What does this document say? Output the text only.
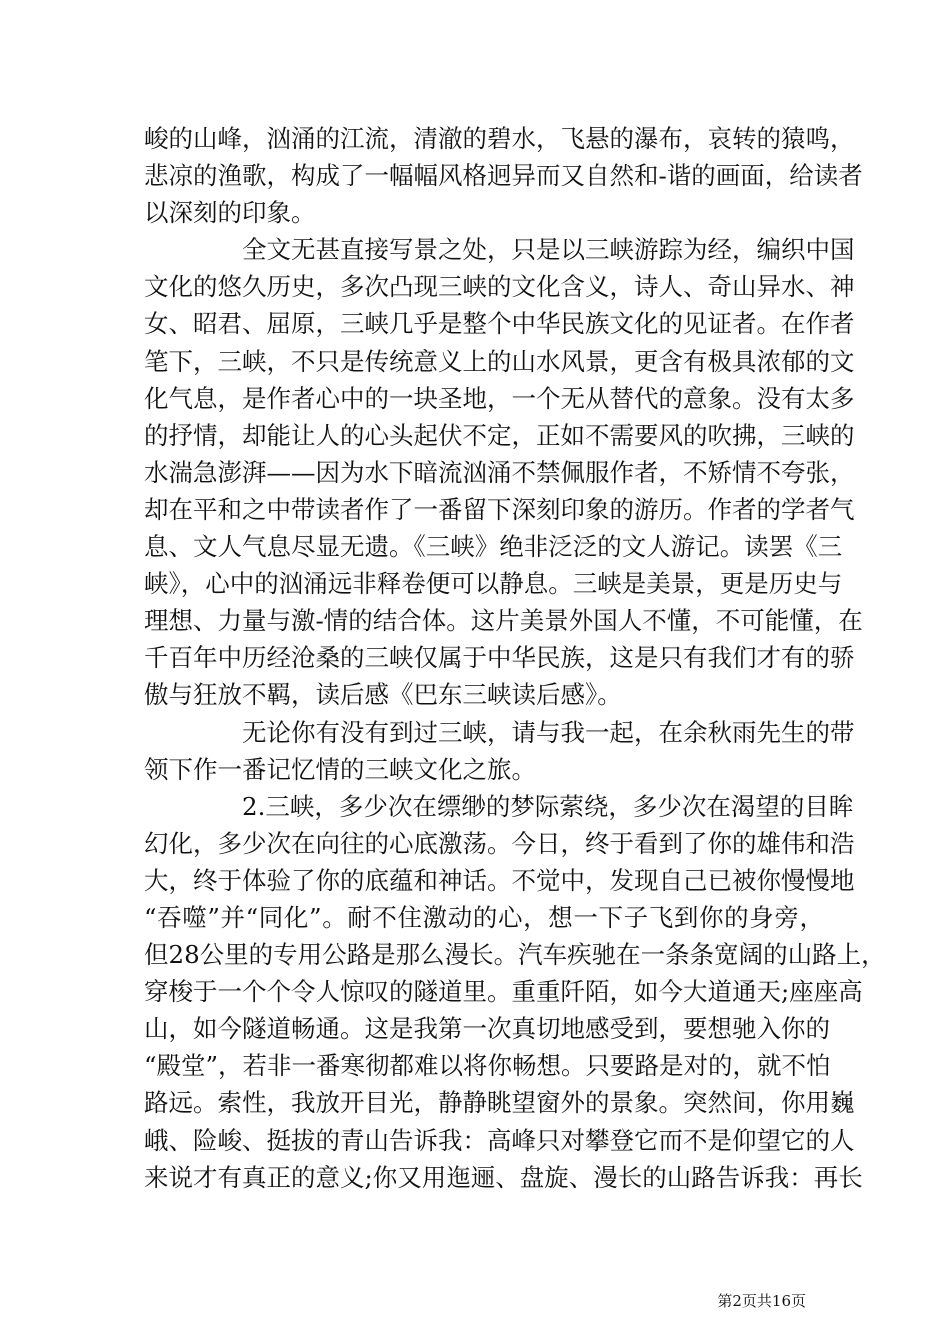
峻的山峰，汹涌的江流，清澈的碧水，飞悬的瀑布，哀转的猿鸣，
悲凉的渔歌，构成了一幅幅风格迥异而又自然和-谐的画面，给读者
以深刻的印象。
全文无甚直接写景之处，只是以三峡游踪为经，编织中国
文化的悠久历史，多次凸现三峡的文化含义，诗人、奇山异水、神
女、昭君、屈原，三峡几乎是整个中华民族文化的见证者。在作者
笔下，三峡，不只是传统意义上的山水风景，更含有极具浓郁的文
化气息，是作者心中的一块圣地，一个无从替代的意象。没有太多
的抒情，却能让人的心头起伏不定，正如不需要风的吹拂，三峡的
水湍急澎湃——因为水下暗流汹涌不禁佩服作者，不矫情不夸张，
却在平和之中带读者作了一番留下深刻印象的游历。作者的学者气
息、文人气息尽显无遗。《三峡》绝非泛泛的文人游记。读罢《三
峡》，心中的汹涌远非释卷便可以静息。三峡是美景，更是历史与
理想、力量与激-情的结合体。这片美景外国人不懂，不可能懂，在
千百年中历经沧桑的三峡仅属于中华民族，这是只有我们才有的骄
傲与狂放不羁，读后感《巴东三峡读后感》。
无论你有没有到过三峡，请与我一起，在余秋雨先生的带
领下作一番记忆情的三峡文化之旅。
2.三峡，多少次在缥缈的梦际萦绕，多少次在渴望的目眸
幻化，多少次在向往的心底激荡。今日，终于看到了你的雄伟和浩
大，终于体验了你的底蕴和神话。不觉中，发现自己已被你慢慢地
“吞噬”并“同化”。耐不住激动的心，想一下子飞到你的身旁，
但28公里的专用公路是那么漫长。汽车疾驰在一条条宽阔的山路上，
穿梭于一个个令人惊叹的隧道里。重重阡陌，如今大道通天;座座高
山，如今隧道畅通。这是我第一次真切地感受到，要想驰入你的
“殿堂”，若非一番寒彻都难以将你畅想。只要路是对的，就不怕
路远。索性，我放开目光，静静眺望窗外的景象。突然间，你用巍
峨、险峻、挺拔的青山告诉我：高峰只对攀登它而不是仰望它的人
来说才有真正的意义;你又用迤逦、盘旋、漫长的山路告诉我：再长
第2页共16页
